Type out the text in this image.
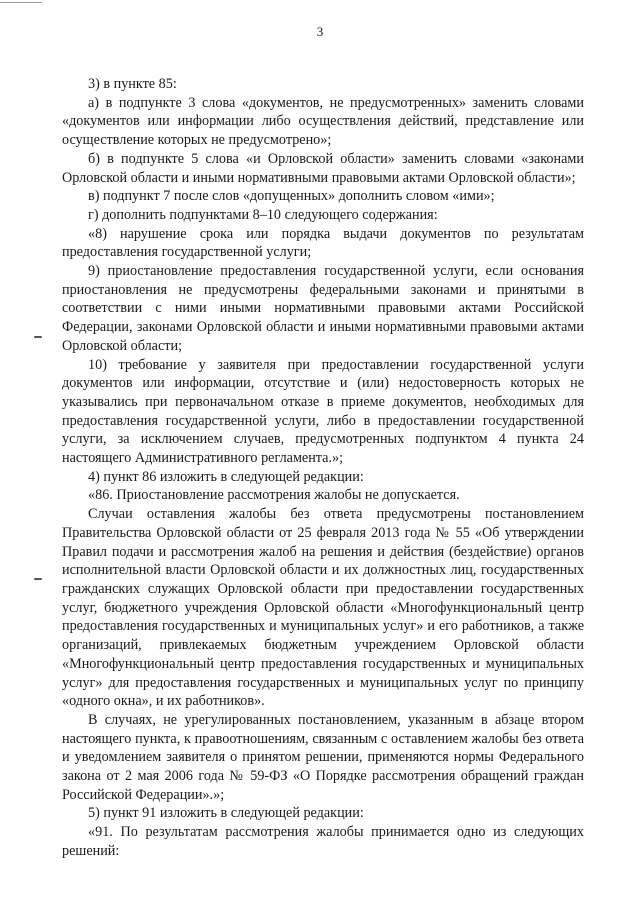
3

3) в пункте 85:

а) в подпункте 3 слова «документов, не предусмотренных» заменить словами «документов или информации либо осуществления действий, представление или осуществление которых не предусмотрено»;

б) в подпункте 5 слова «и Орловской области» заменить словами «законами Орловской области и иными нормативными правовыми актами Орловской области»;

в) подпункт 7 после слов «допущенных» дополнить словом «ими»;

г) дополнить подпунктами 8–10 следующего содержания:

«8) нарушение срока или порядка выдачи документов по результатам предоставления государственной услуги;

9) приостановление предоставления государственной услуги, если основания приостановления не предусмотрены федеральными законами и принятыми в соответствии с ними иными нормативными правовыми актами Российской Федерации, законами Орловской области и иными нормативными правовыми актами Орловской области;

10) требование у заявителя при предоставлении государственной услуги документов или информации, отсутствие и (или) недостоверность которых не указывались при первоначальном отказе в приеме документов, необходимых для предоставления государственной услуги, либо в предоставлении государственной услуги, за исключением случаев, предусмотренных подпунктом 4 пункта 24 настоящего Административного регламента.»;

4) пункт 86 изложить в следующей редакции:

«86. Приостановление рассмотрения жалобы не допускается.

Случаи оставления жалобы без ответа предусмотрены постановлением Правительства Орловской области от 25 февраля 2013 года № 55 «Об утверждении Правил подачи и рассмотрения жалоб на решения и действия (бездействие) органов исполнительной власти Орловской области и их должностных лиц, государственных гражданских служащих Орловской области при предоставлении государственных услуг, бюджетного учреждения Орловской области «Многофункциональный центр предоставления государственных и муниципальных услуг» и его работников, а также организаций, привлекаемых бюджетным учреждением Орловской области «Многофункциональный центр предоставления государственных и муниципальных услуг» для предоставления государственных и муниципальных услуг по принципу «одного окна», и их работников».

В случаях, не урегулированных постановлением, указанным в абзаце втором настоящего пункта, к правоотношениям, связанным с оставлением жалобы без ответа и уведомлением заявителя о принятом решении, применяются нормы Федерального закона от 2 мая 2006 года № 59-ФЗ «О Порядке рассмотрения обращений граждан Российской Федерации».»;

5) пункт 91 изложить в следующей редакции:

«91. По результатам рассмотрения жалобы принимается одно из следующих решений:
